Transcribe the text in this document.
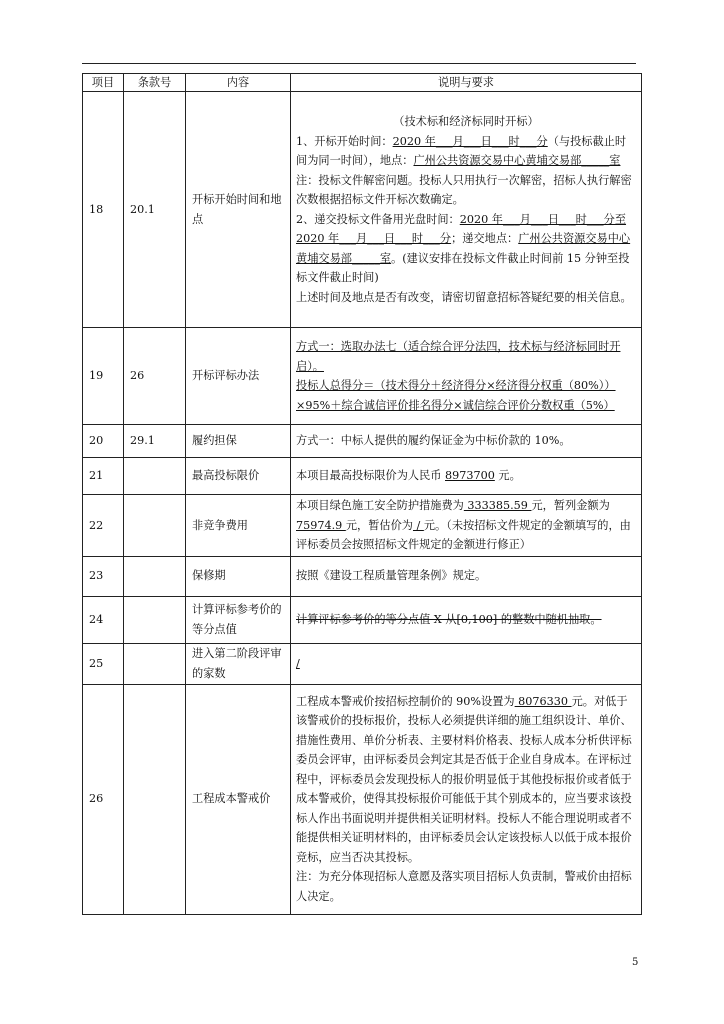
项目	条款号	内容	说明与要求
18	20.1	开标开始时间和地点	（技术标和经济标同时开标）
1、开标开始时间：2020 年___月___日___时___分（与投标截止时间为同一时间），地点：广州公共资源交易中心黄埔交易部_____室
注：投标文件解密问题。投标人只用执行一次解密，招标人执行解密次数根据招标文件开标次数确定。
2、递交投标文件备用光盘时间：2020 年___月___日___时___分至 2020 年___月___日___时___分；递交地点：广州公共资源交易中心黄埔交易部_____室。(建议安排在投标文件截止时间前 15 分钟至投标文件截止时间)
上述时间及地点是否有改变，请密切留意招标答疑纪要的相关信息。

19	26	开标评标办法	方式一：选取办法七（适合综合评分法四，技术标与经济标同时开启）。
投标人总得分＝（技术得分＋经济得分×经济得分权重（80%））×95%＋综合诚信评价排名得分×诚信综合评价分数权重（5%）

20	29.1	履约担保	方式一：中标人提供的履约保证金为中标价款的 10%。
21		最高投标限价	本项目最高投标限价为人民币 8973700 元。
22		非竞争费用	本项目绿色施工安全防护措施费为 333385.59 元，暂列金额为 75974.9 元，暂估价为 / 元。（未按招标文件规定的金额填写的，由评标委员会按照招标文件规定的金额进行修正）
23		保修期	按照《建设工程质量管理条例》规定。
24		计算评标参考价的等分点值	计算评标参考价的等分点值 X 从[0,100] 的整数中随机抽取。
25		进入第二阶段评审的家数	/
26		工程成本警戒价	工程成本警戒价按招标控制价的 90%设置为 8076330 元。对低于该警戒价的投标报价，投标人必须提供详细的施工组织设计、单价、措施性费用、单价分析表、主要材料价格表、投标人成本分析供评标委员会评审，由评标委员会判定其是否低于企业自身成本。在评标过程中，评标委员会发现投标人的报价明显低于其他投标报价或者低于成本警戒价，使得其投标报价可能低于其个别成本的，应当要求该投标人作出书面说明并提供相关证明材料。投标人不能合理说明或者不能提供相关证明材料的，由评标委员会认定该投标人以低于成本报价竞标，应当否决其投标。
注：为充分体现招标人意愿及落实项目招标人负责制，警戒价由招标人决定。
5
